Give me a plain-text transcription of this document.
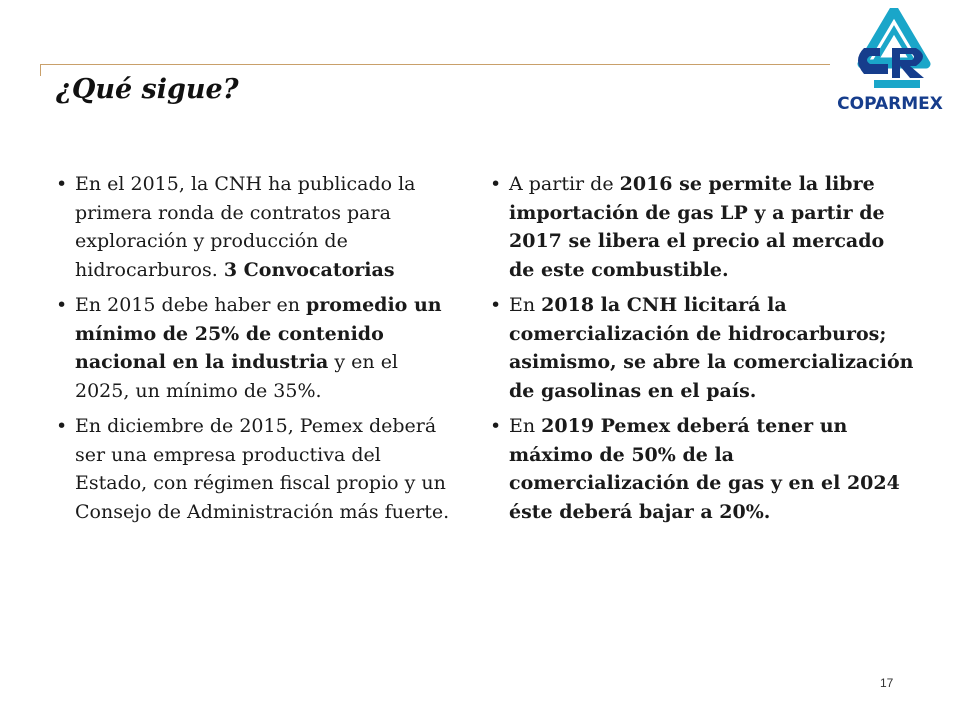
¿Qué sigue?	COPARMEX
• En el 2015, la CNH ha publicado la primera ronda de contratos para exploración y producción de hidrocarburos. 3 Convocatorias
• En 2015 debe haber en promedio un mínimo de 25% de contenido nacional en la industria y en el 2025, un mínimo de 35%.
• En diciembre de 2015, Pemex deberá ser una empresa productiva del Estado, con régimen fiscal propio y un Consejo de Administración más fuerte.
• A partir de 2016 se permite la libre importación de gas LP y a partir de 2017 se libera el precio al mercado de este combustible.
• En 2018 la CNH licitará la comercialización de hidrocarburos; asimismo, se abre la comercialización de gasolinas en el país.
• En 2019 Pemex deberá tener un máximo de 50% de la comercialización de gas y en el 2024 éste deberá bajar a 20%.
17
